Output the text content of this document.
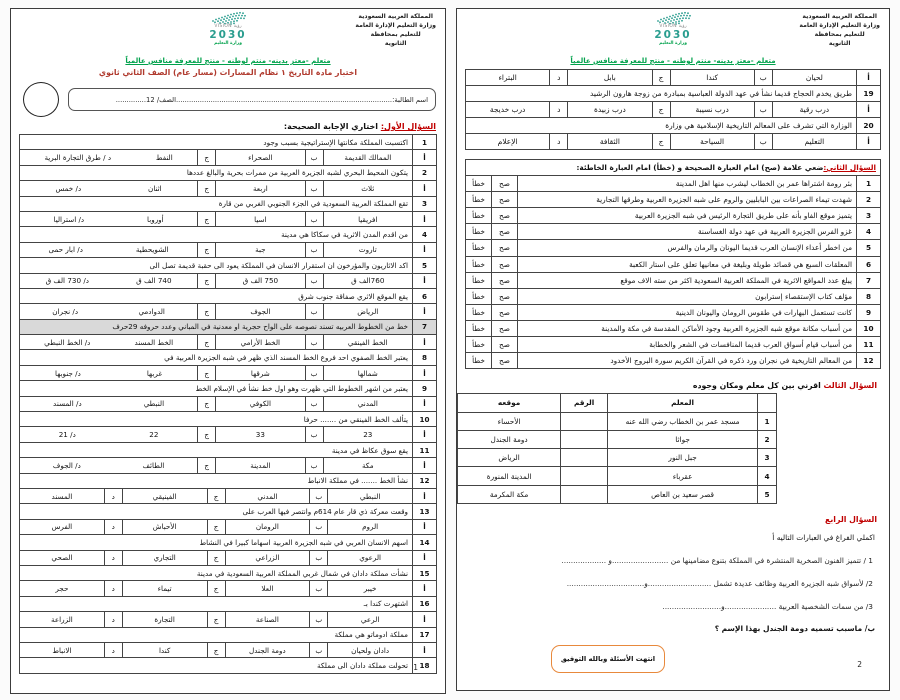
المملكة العربية السعودية
وزارة التعليم الإدارة العامة
للتعليم بمحافظة
الثانوية
VISION رؤية
2030
وزارة التعليم
متعلم -معتز بدينه- منتم لوطنه - منتج للمعرفة منافس عالمياً
اختبار مادة التاريخ ١ نظام المسارات (مسار عام) الصف الثاني ثانوي
اسم الطالبة:
....................................................................................................
الصف/ 12
..............
السؤال الأول: اختاري الإجابة الصحيحة:
1
اكتسبت المملكة مكانتها الإستراتيجية بسبب وجود
أ
الممالك القديمة
ب
الصحراء
ج
النفط
د / طرق التجارة البرية
2
يتكون المحيط البحري لشبه الجزيرة العربية من ممرات بحرية والبالغ عددها
أ
ثلاث
ب
اربعة
ج
اثنان
د/ خمس
3
تقع المملكة العربية السعودية في الجزء الجنوبي الغربي من قارة
أ
افريقيا
ب
اسيا
ج
أوروبا
د/ استراليا
4
من اقدم المدن الاثرية في سكاكا هي مدينة
أ
تاروت
ب
جبة
ج
الشويحطية
د/ ابار حمى
5
اكد الاثاريون والمؤرخون ان استقرار الانسان في المملكة يعود الى حقبة قديمة تصل الى
أ
760الف ق
ب
750 الف ق
ج
740 الف ق
د/ 730 الف ق
6
يقع الموقع الاثري صفاقة جنوب شرق
أ
الرياض
ب
الجوف
ج
الدوادمي
د/ نجران
7
خط من الخطوط العربيه تسند نصوصه على الواح حجرية او معدنية في المباني وعدد حروفه 29حرف
أ
الخط الفينقي
ب
الخط الأرامي
ج
الخط المسند
د/ الخط النبطي
8
يعتبر الخط الصفوي احد فروع الخط المسند الذي ظهر في شبه الجزيرة العربية في
أ
شمالها
ب
شرقها
ج
غربها
د/ جنوبها
9
يعتبر من اشهر الخطوط التي ظهرت وهو اول خط نشأ في الإسلام الخط
أ
المدني
ب
الكوفي
ج
النبطي
د/ المسند
10
يتألف الخط الفينقي من ....... حرفا
أ
23
ب
33
ج
22
د/ 21
11
يقع سوق عكاظ في مدينة
أ
مكة
ب
المدينة
ج
الطائف
د/ الجوف
12
نشأ الخط ....... في مملكة الانباط
أ
النبطي
ب
المدني
ج
الفينيقي
د
المسند
13
وقعت معركة ذي قار عام 614م وانتصر فيها العرب على
أ
الروم
ب
الرومان
ج
الأحباش
د
الفرس
14
اسهم الانسان العربي في شبه الجزيرة العربية اسهاما كبيرا في النشاط
أ
الرعوي
ب
الزراعي
ج
التجاري
د
الصحي
15
نشأت مملكة دادان في شمال غربي المملكة العربية السعودية في مدينة
أ
خيبر
ب
العلا
ج
تيماء
د
حجر
16
اشتهرت كندا بـ
أ
الرعي
ب
الصناعة
ج
التجارة
د
الزراعة
17
مملكة ادوماتو هي مملكة
أ
دادان ولحيان
ب
دومة الجندل
ج
كندا
د
الانباط
18
تحولت مملكة دادان الى مملكة 1
المملكة العربية السعودية
وزارة التعليم الإدارة العامة
للتعليم بمحافظة
الثانوية
VISION رؤية
2030
وزارة التعليم
متعلم -معتز بدينه- منتم لوطنه - منتج للمعرفة منافس عالمياً
أ
لحيان
ب
كندا
ج
بابل
د
البتراء
19
طريق يخدم الحجاج قديما نشأ في عهد الدولة العباسية بمبادرة من زوجة هارون الرشيد
أ
درب رقية
ب
درب نسيبة
ج
درب زبيدة
د
درب خديجة
20
الوزارة التي تشرف على المعالم التاريخية الإسلامية هي وزارة
أ
التعليم
ب
السياحة
ج
الثقافة
د
الإعلام
السؤال الثاني:
ضعي علامة (صح) امام العبارة الصحيحة و (خطأ) امام العبارة الخاطئة:
1
بئر رومة اشتراها عمر بن الخطاب ليشرب منها اهل المدينة
صح
خطأ
2
شهدت تيماء الصراعات بين البابليين والروم على شبه الجزيرة العربية وطرقها التجارية
صح
خطأ
3
يتميز موقع الفاو بأنه على طريق التجارة الرئيس في شبه الجزيرة العربية
صح
خطأ
4
غزو الفرس الجزيرة العربية في عهد دولة الغساسنة
صح
خطأ
5
من اخطر أعداء الإنسان العرب قديما اليونان والرمان والفرس
صح
خطأ
6
المعلقات السبع هي قصائد طويلة وبليغة في معانيها تعلق على استار الكعبة
صح
خطأ
7
يبلغ عدد المواقع الاثرية في المملكة العربية السعودية اكثر من سته الاف موقع
صح
خطأ
8
مؤلف كتاب الإستقصاء إسترابون
صح
خطأ
9
كانت تستعمل البهارات في طقوس الرومان واليونان الدينية
صح
خطأ
10
من أسباب مكانة موقع شبه الجزيرة العربية وجود الأماكن المقدسة في مكة والمدينة
صح
خطأ
11
من أسباب قيام أسواق العرب قديما المنافسات في الشعر والخطابة
صح
خطأ
12
من المعالم التاريخية في نجران ورد ذكره في القرآن الكريم سورة البروج الأخدود
صح
خطأ
السؤال الثالث اقرني بين كل معلم ومكان وجوده
المعلم
الرقم
موقعه
1
مسجد عمر بن الخطاب رضي الله عنه
الأحساء
2
جواثا
دومة الجندل
3
جبل النور
الرياض
4
عقرباء
المدينة المنورة
5
قصر سعيد بن العاص
مكة المكرمة
السؤال الرابع
اكملي الفراغ في العبارات التاليه أ
1 / تتميز الفنون الصخرية المنتشرة في المملكة بتنوع مضامينها من ........................و ...................
2/ لأسواق شبه الجزيرة العربية وظائف عديدة تشمل ...........................و.................................
3/ من سمات الشخصية العربية ......................و.........................
ب/ ماسبب تسميه دومة الجندل بهذا الإسم ؟
انتهت الأسئلة وبالله التوفيق
2
